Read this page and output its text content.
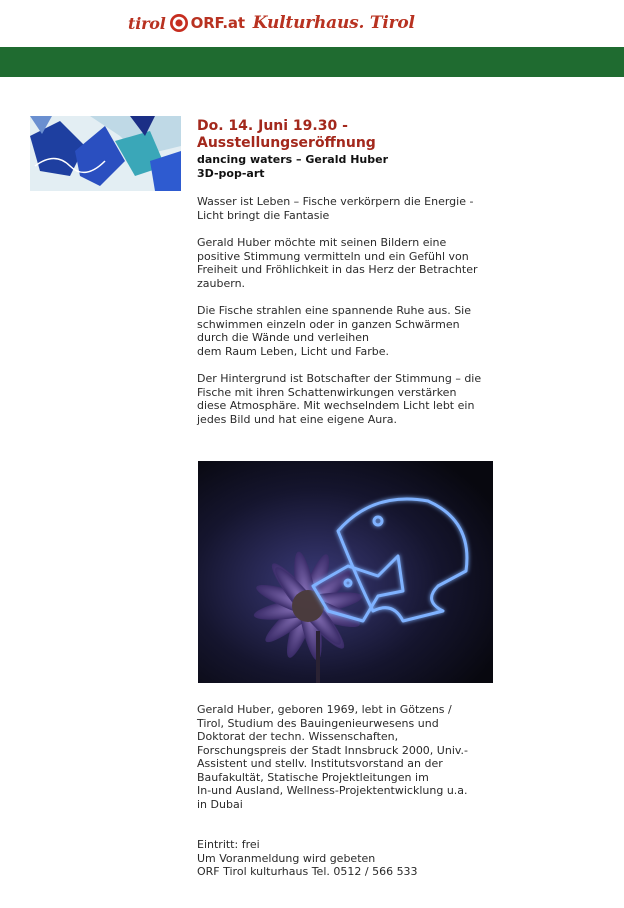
tirol ORF.at Kulturhaus. Tirol

Do. 14. Juni 19.30 -

Ausstellungseröffnung

dancing waters – Gerald Huber

3D-pop-art

Wasser ist Leben – Fische verkörpern die Energie -
Licht bringt die Fantasie

Gerald Huber möchte mit seinen Bildern eine
positive Stimmung vermitteln und ein Gefühl von
Freiheit und Fröhlichkeit in das Herz der Betrachter
zaubern.

Die Fische strahlen eine spannende Ruhe aus. Sie
schwimmen einzeln oder in ganzen Schwärmen
durch die Wände und verleihen
dem Raum Leben, Licht und Farbe.

Der Hintergrund ist Botschafter der Stimmung – die
Fische mit ihren Schattenwirkungen verstärken
diese Atmosphäre. Mit wechselndem Licht lebt ein
jedes Bild und hat eine eigene Aura.

Gerald Huber, geboren 1969, lebt in Götzens /
Tirol, Studium des Bauingenieurwesens und
Doktorat der techn. Wissenschaften,
Forschungspreis der Stadt Innsbruck 2000, Univ.-
Assistent und stellv. Institutsvorstand an der
Baufakultät, Statische Projektleitungen im
In-und Ausland, Wellness-Projektentwicklung u.a.
in Dubai

Eintritt: frei

Um Voranmeldung wird gebeten

ORF Tirol kulturhaus Tel. 0512 / 566 533
